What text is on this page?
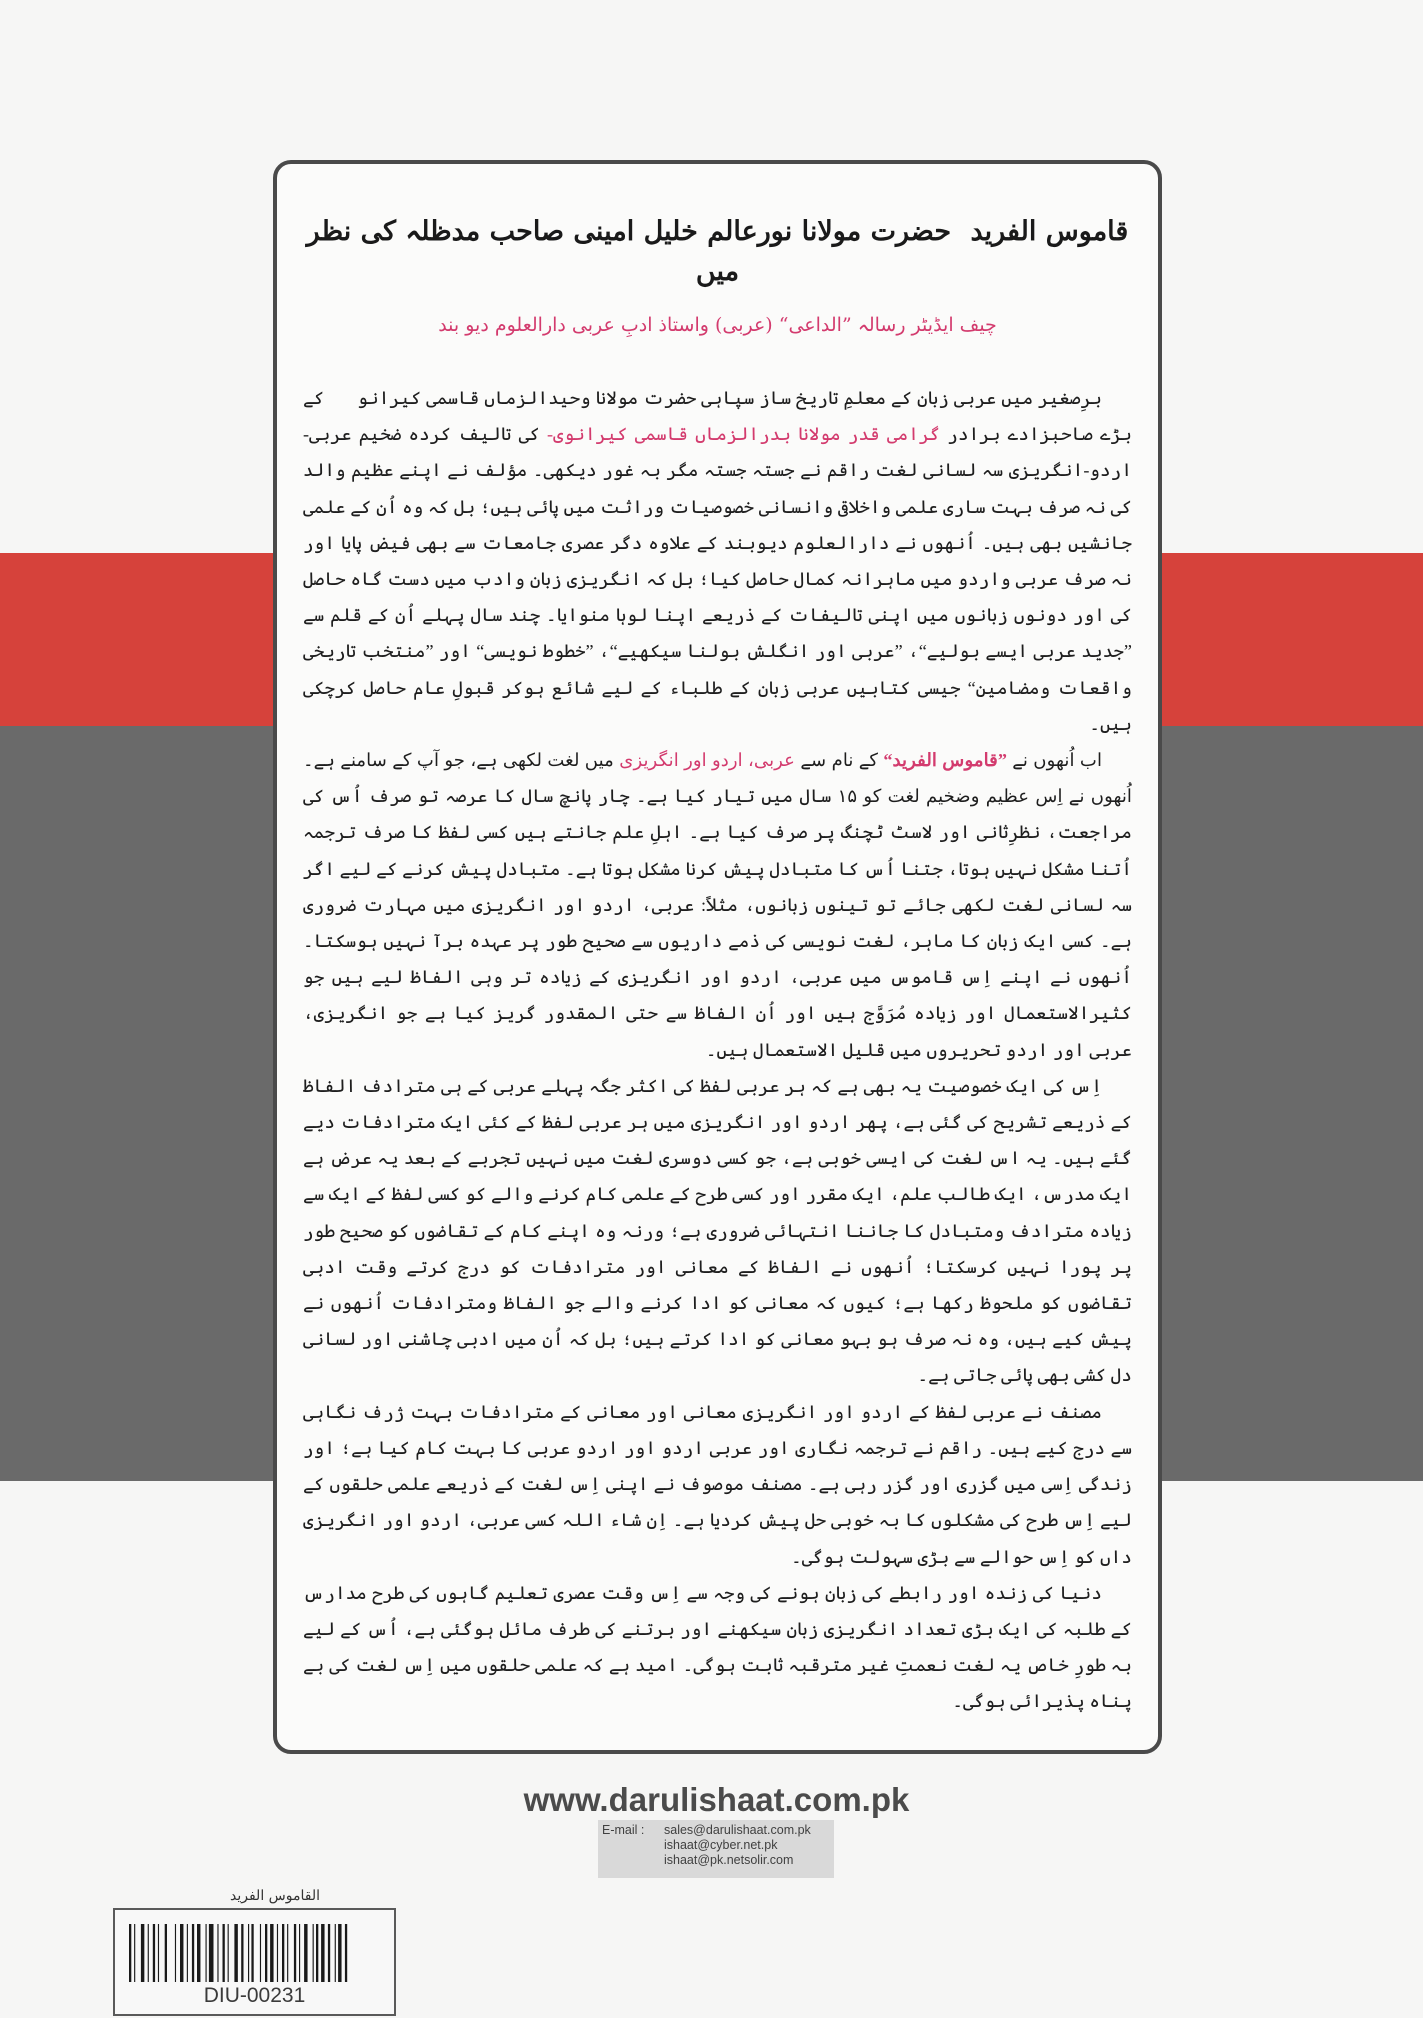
قاموس الفرید حضرت مولانا نورعالم خلیل امینی صاحب مدظلہ کی نظر میں
چیف ایڈیٹر رسالہ ”الداعی“ (عربی) واستاذ ادبِ عربی دارالعلوم دیو بند

برِصغیر میں عربی زبان کے معلمِ تاریخ ساز سپاہی حضرت مولانا وحیدالزماں قاسمی کیرانویؒ کے بڑے صاحبزادے برادر گرامی قدر مولانا بدرالزماں قاسمی کیرانوی- کی تالیف کردہ ضخیم عربی-اردو-انگریزی سہ لسانی لغت راقم نے جستہ جستہ مگر بہ غور دیکھی۔ مؤلف نے اپنے عظیم والد کی نہ صرف بہت ساری علمی واخلاقی وانسانی خصوصیات وراثت میں پائی ہیں؛ بل کہ وہ اُن کے علمی جانشیں بھی ہیں۔ اُنھوں نے دارالعلوم دیوبند کے علاوہ دگر عصری جامعات سے بھی فیض پایا اور نہ صرف عربی واردو میں ماہرانہ کمال حاصل کیا؛ بل کہ انگریزی زبان وادب میں دست گاہ حاصل کی اور دونوں زبانوں میں اپنی تالیفات کے ذریعے اپنا لوہا منوایا۔ چند سال پہلے اُن کے قلم سے ”جدید عربی ایسے بولیے“، ”عربی اور انگلش بولنا سیکھیے“، ”خطوط نویسی“ اور ”منتخب تاریخی واقعات ومضامین“ جیسی کتابیں عربی زبان کے طلباء کے لیے شائع ہوکر قبولِ عام حاصل کرچکی ہیں۔

اب اُنھوں نے ”قاموس الفرید“ کے نام سے عربی، اردو اور انگریزی میں لغت لکھی ہے، جو آپ کے سامنے ہے۔ اُنھوں نے اِس عظیم وضخیم لغت کو ۱۵ سال میں تیار کیا ہے۔ چار پانچ سال کا عرصہ تو صرف اُس کی مراجعت، نظرِثانی اور لاسٹ ٹچنگ پر صرف کیا ہے۔ اہلِ علم جانتے ہیں کسی لفظ کا صرف ترجمہ اُتنا مشکل نہیں ہوتا، جتنا اُس کا متبادل پیش کرنا مشکل ہوتا ہے۔ متبادل پیش کرنے کے لیے اگر سہ لسانی لغت لکھی جائے تو تینوں زبانوں، مثلاً: عربی، اردو اور انگریزی میں مہارت ضروری ہے۔ کسی ایک زبان کا ماہر، لغت نویسی کی ذمے داریوں سے صحیح طور پر عہدہ برآ نہیں ہوسکتا۔ اُنھوں نے اپنے اِس قاموس میں عربی، اردو اور انگریزی کے زیادہ تر وہی الفاظ لیے ہیں جو کثیرالاستعمال اور زیادہ مُرَوَّج ہیں اور اُن الفاظ سے حتی المقدور گریز کیا ہے جو انگریزی، عربی اور اردو تحریروں میں قلیل الاستعمال ہیں۔

اِس کی ایک خصوصیت یہ بھی ہے کہ ہر عربی لفظ کی اکثر جگہ پہلے عربی کے ہی مترادف الفاظ کے ذریعے تشریح کی گئی ہے، پھر اردو اور انگریزی میں ہر عربی لفظ کے کئی ایک مترادفات دیے گئے ہیں۔ یہ اس لغت کی ایسی خوبی ہے، جو کسی دوسری لغت میں نہیں تجربے کے بعد یہ عرض ہے ایک مدرس، ایک طالب علم، ایک مقرر اور کسی طرح کے علمی کام کرنے والے کو کسی لفظ کے ایک سے زیادہ مترادف ومتبادل کا جاننا انتہائی ضروری ہے؛ ورنہ وہ اپنے کام کے تقاضوں کو صحیح طور پر پورا نہیں کرسکتا؛ اُنھوں نے الفاظ کے معانی اور مترادفات کو درج کرتے وقت ادبی تقاضوں کو ملحوظ رکھا ہے؛ کیوں کہ معانی کو ادا کرنے والے جو الفاظ ومترادفات اُنھوں نے پیش کیے ہیں، وہ نہ صرف ہو بہو معانی کو ادا کرتے ہیں؛ بل کہ اُن میں ادبی چاشنی اور لسانی دل کشی بھی پائی جاتی ہے۔

مصنف نے عربی لفظ کے اردو اور انگریزی معانی اور معانی کے مترادفات بہت ژرف نگاہی سے درج کیے ہیں۔ راقم نے ترجمہ نگاری اور عربی اردو اور اردو عربی کا بہت کام کیا ہے؛ اور زندگی اِسی میں گزری اور گزر رہی ہے۔ مصنف موصوف نے اپنی اِس لغت کے ذریعے علمی حلقوں کے لیے اِس طرح کی مشکلوں کا بہ خوبی حل پیش کردیا ہے۔ اِن شاء اللہ کسی عربی، اردو اور انگریزی داں کو اِس حوالے سے بڑی سہولت ہوگی۔

دنیا کی زندہ اور رابطے کی زبان ہونے کی وجہ سے اِس وقت عصری تعلیم گاہوں کی طرح مدارس کے طلبہ کی ایک بڑی تعداد انگریزی زبان سیکھنے اور برتنے کی طرف مائل ہوگئی ہے، اُس کے لیے بہ طورِ خاص یہ لغت نعمتِ غیر مترقبہ ثابت ہوگی۔ امید ہے کہ علمی حلقوں میں اِس لغت کی بے پناہ پذیرائی ہوگی۔

www.darulishaat.com.pk
E-mail : sales@darulishaat.com.pk
ishaat@cyber.net.pk
ishaat@pk.netsolir.com
القاموس الفرید
DIU-00231
